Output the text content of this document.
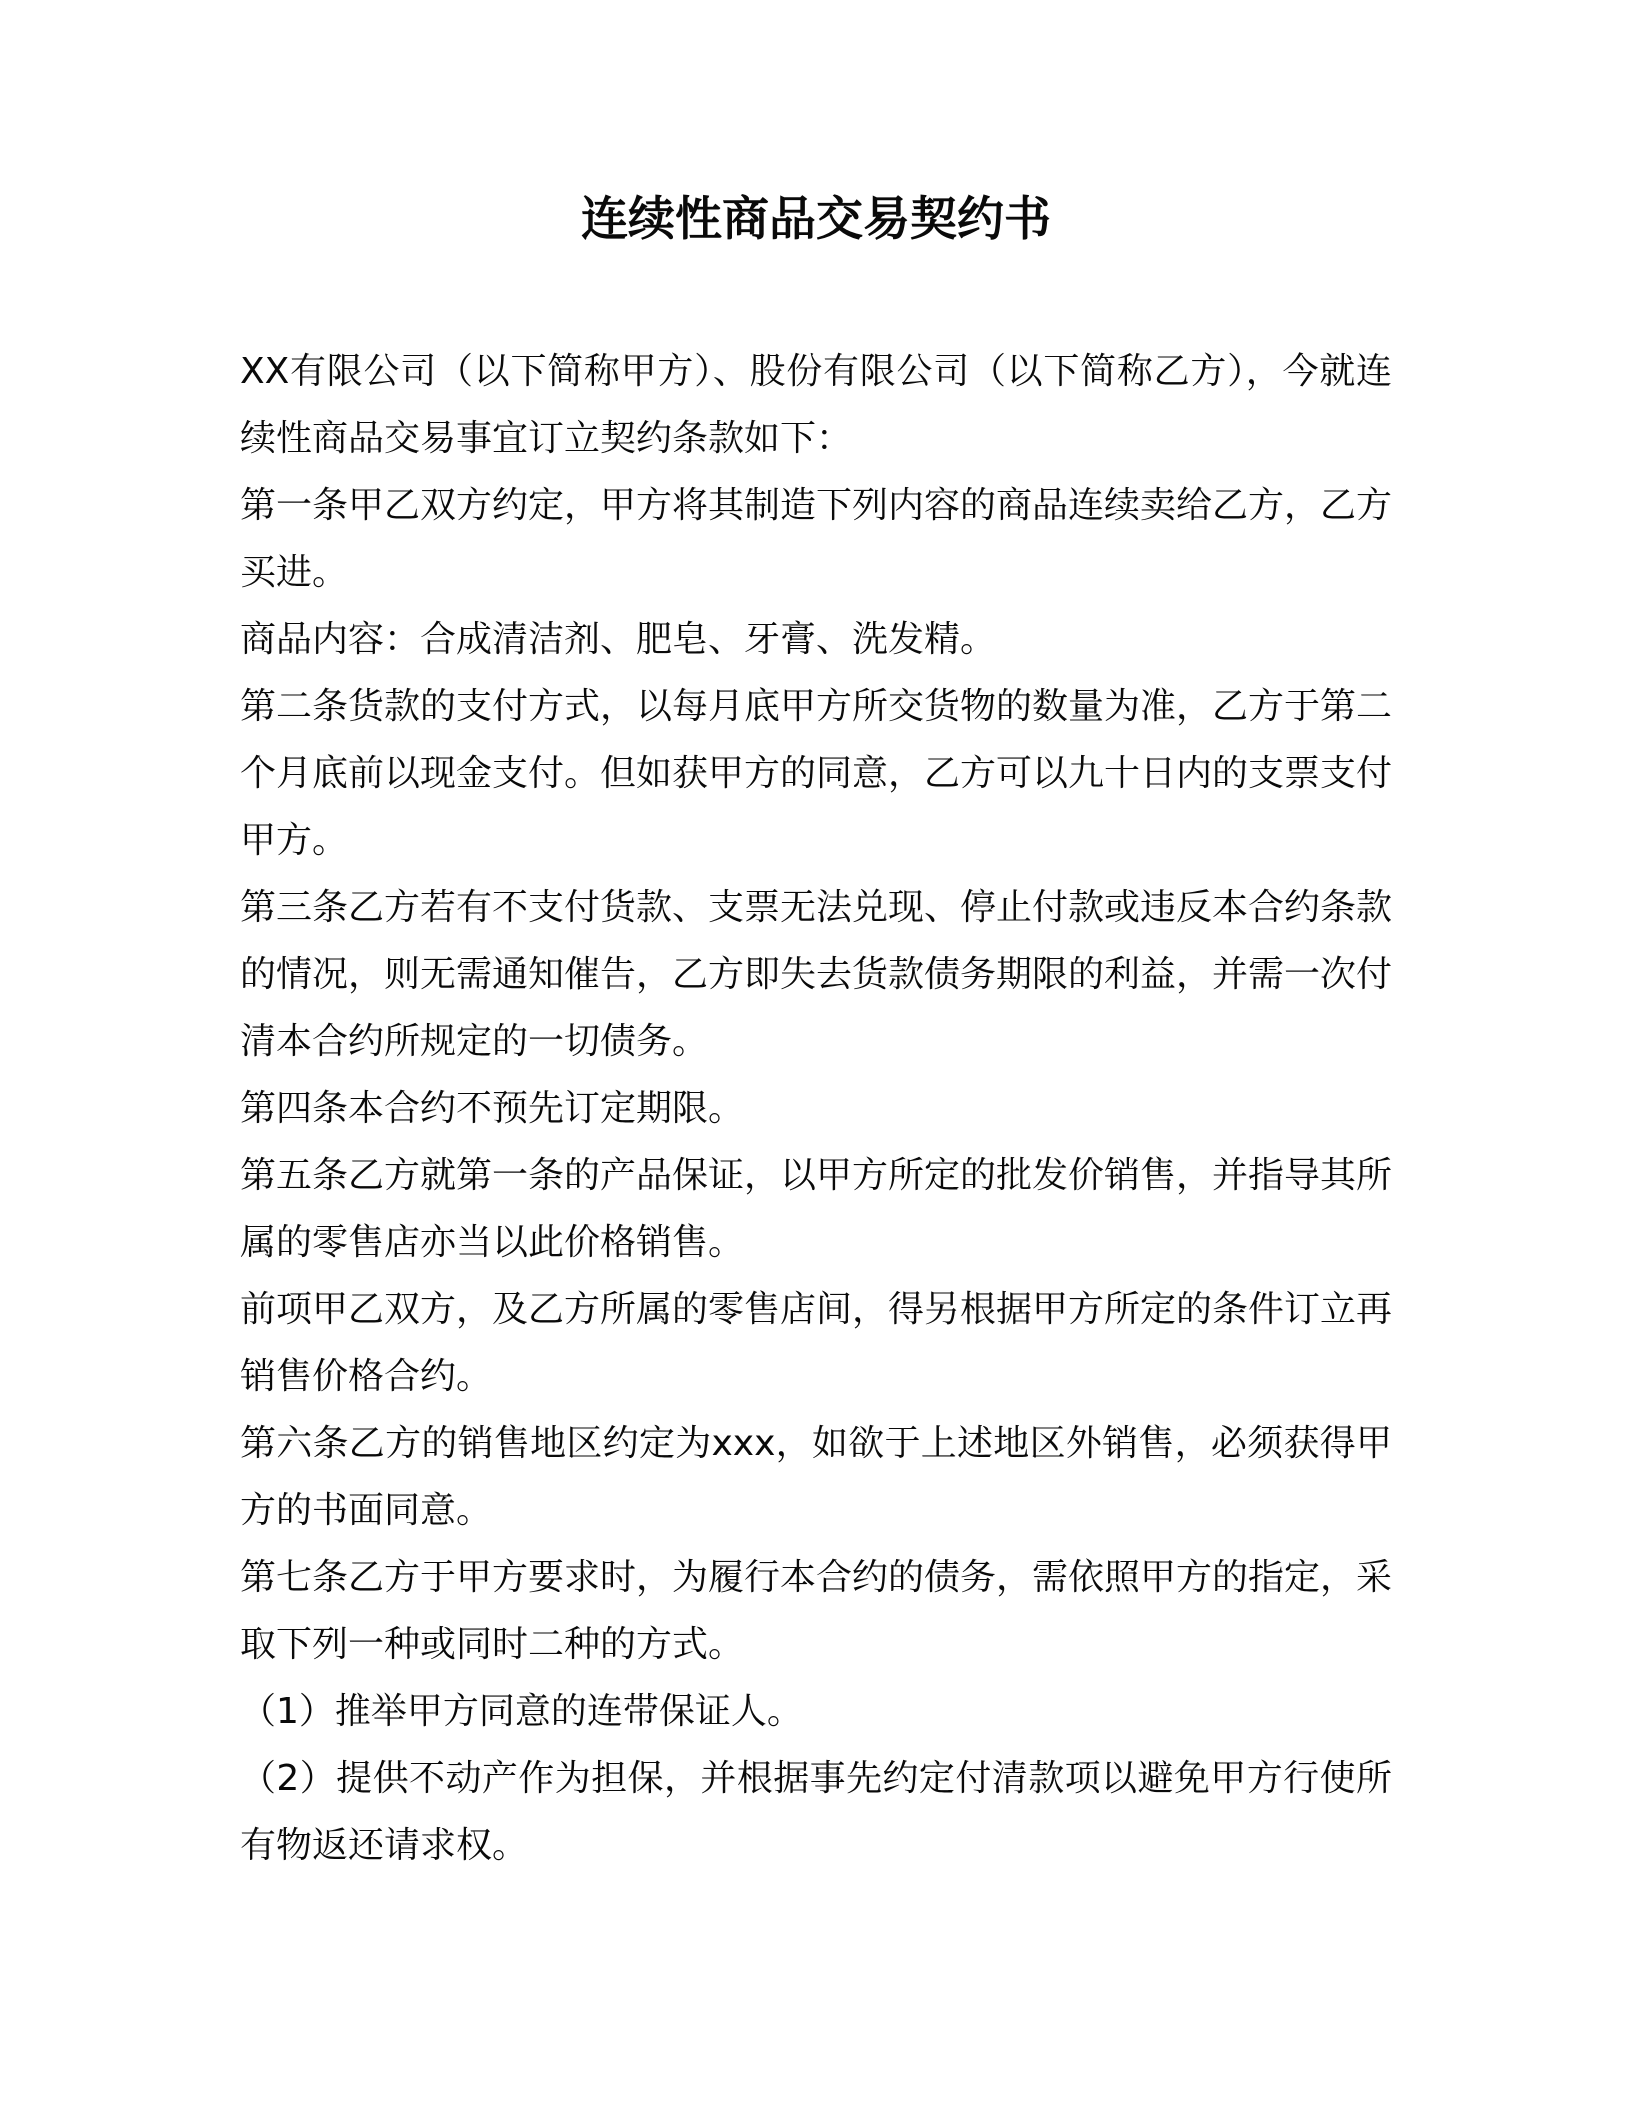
连续性商品交易契约书

XX有限公司（以下简称甲方）、股份有限公司（以下简称乙方），今就连续性商品交易事宜订立契约条款如下：

第一条甲乙双方约定，甲方将其制造下列内容的商品连续卖给乙方，乙方买进。

商品内容：合成清洁剂、肥皂、牙膏、洗发精。

第二条货款的支付方式，以每月底甲方所交货物的数量为准，乙方于第二个月底前以现金支付。但如获甲方的同意，乙方可以九十日内的支票支付甲方。

第三条乙方若有不支付货款、支票无法兑现、停止付款或违反本合约条款的情况，则无需通知催告，乙方即失去货款债务期限的利益，并需一次付清本合约所规定的一切债务。

第四条本合约不预先订定期限。

第五条乙方就第一条的产品保证，以甲方所定的批发价销售，并指导其所属的零售店亦当以此价格销售。

前项甲乙双方，及乙方所属的零售店间，得另根据甲方所定的条件订立再销售价格合约。

第六条乙方的销售地区约定为xxx，如欲于上述地区外销售，必须获得甲方的书面同意。

第七条乙方于甲方要求时，为履行本合约的债务，需依照甲方的指定，采取下列一种或同时二种的方式。

（1）推举甲方同意的连带保证人。

（2）提供不动产作为担保，并根据事先约定付清款项以避免甲方行使所有物返还请求权。
